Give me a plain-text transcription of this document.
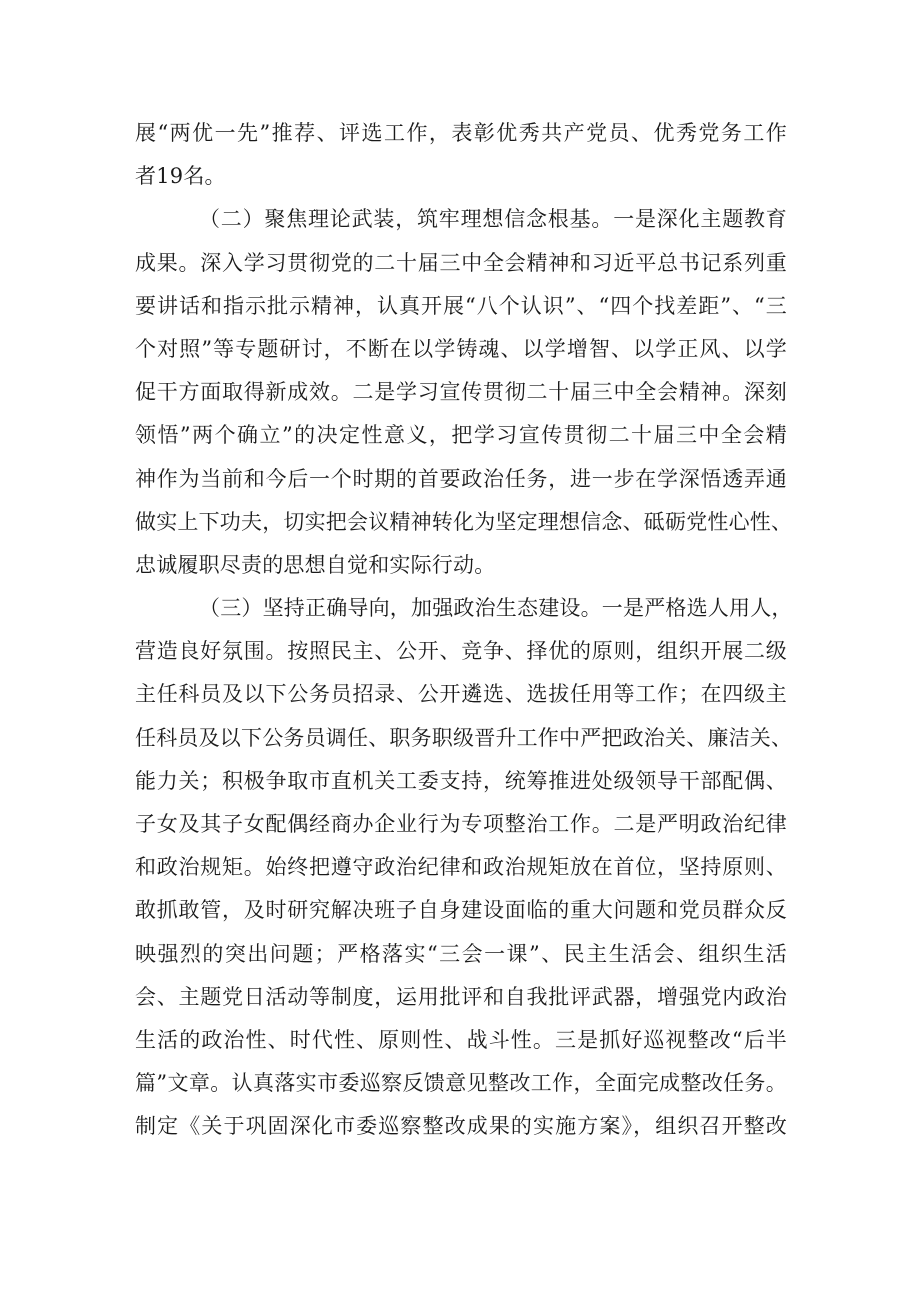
展“两优一先”推荐、评选工作，表彰优秀共产党员、优秀党务工作
者19名。
（二）聚焦理论武装，筑牢理想信念根基。一是深化主题教育
成果。深入学习贯彻党的二十届三中全会精神和习近平总书记系列重
要讲话和指示批示精神，认真开展“八个认识”、“四个找差距”、“三
个对照”等专题研讨，不断在以学铸魂、以学增智、以学正风、以学
促干方面取得新成效。二是学习宣传贯彻二十届三中全会精神。深刻
领悟”两个确立”的决定性意义，把学习宣传贯彻二十届三中全会精
神作为当前和今后一个时期的首要政治任务，进一步在学深悟透弄通
做实上下功夫，切实把会议精神转化为坚定理想信念、砥砺党性心性、
忠诚履职尽责的思想自觉和实际行动。
（三）坚持正确导向，加强政治生态建设。一是严格选人用人，
营造良好氛围。按照民主、公开、竞争、择优的原则，组织开展二级
主任科员及以下公务员招录、公开遴选、选拔任用等工作；在四级主
任科员及以下公务员调任、职务职级晋升工作中严把政治关、廉洁关、
能力关；积极争取市直机关工委支持，统筹推进处级领导干部配偶、
子女及其子女配偶经商办企业行为专项整治工作。二是严明政治纪律
和政治规矩。始终把遵守政治纪律和政治规矩放在首位，坚持原则、
敢抓敢管，及时研究解决班子自身建设面临的重大问题和党员群众反
映强烈的突出问题；严格落实“三会一课”、民主生活会、组织生活
会、主题党日活动等制度，运用批评和自我批评武器，增强党内政治
生活的政治性、时代性、原则性、战斗性。三是抓好巡视整改“后半
篇”文章。认真落实市委巡察反馈意见整改工作，全面完成整改任务。
制定《关于巩固深化市委巡察整改成果的实施方案》，组织召开整改
